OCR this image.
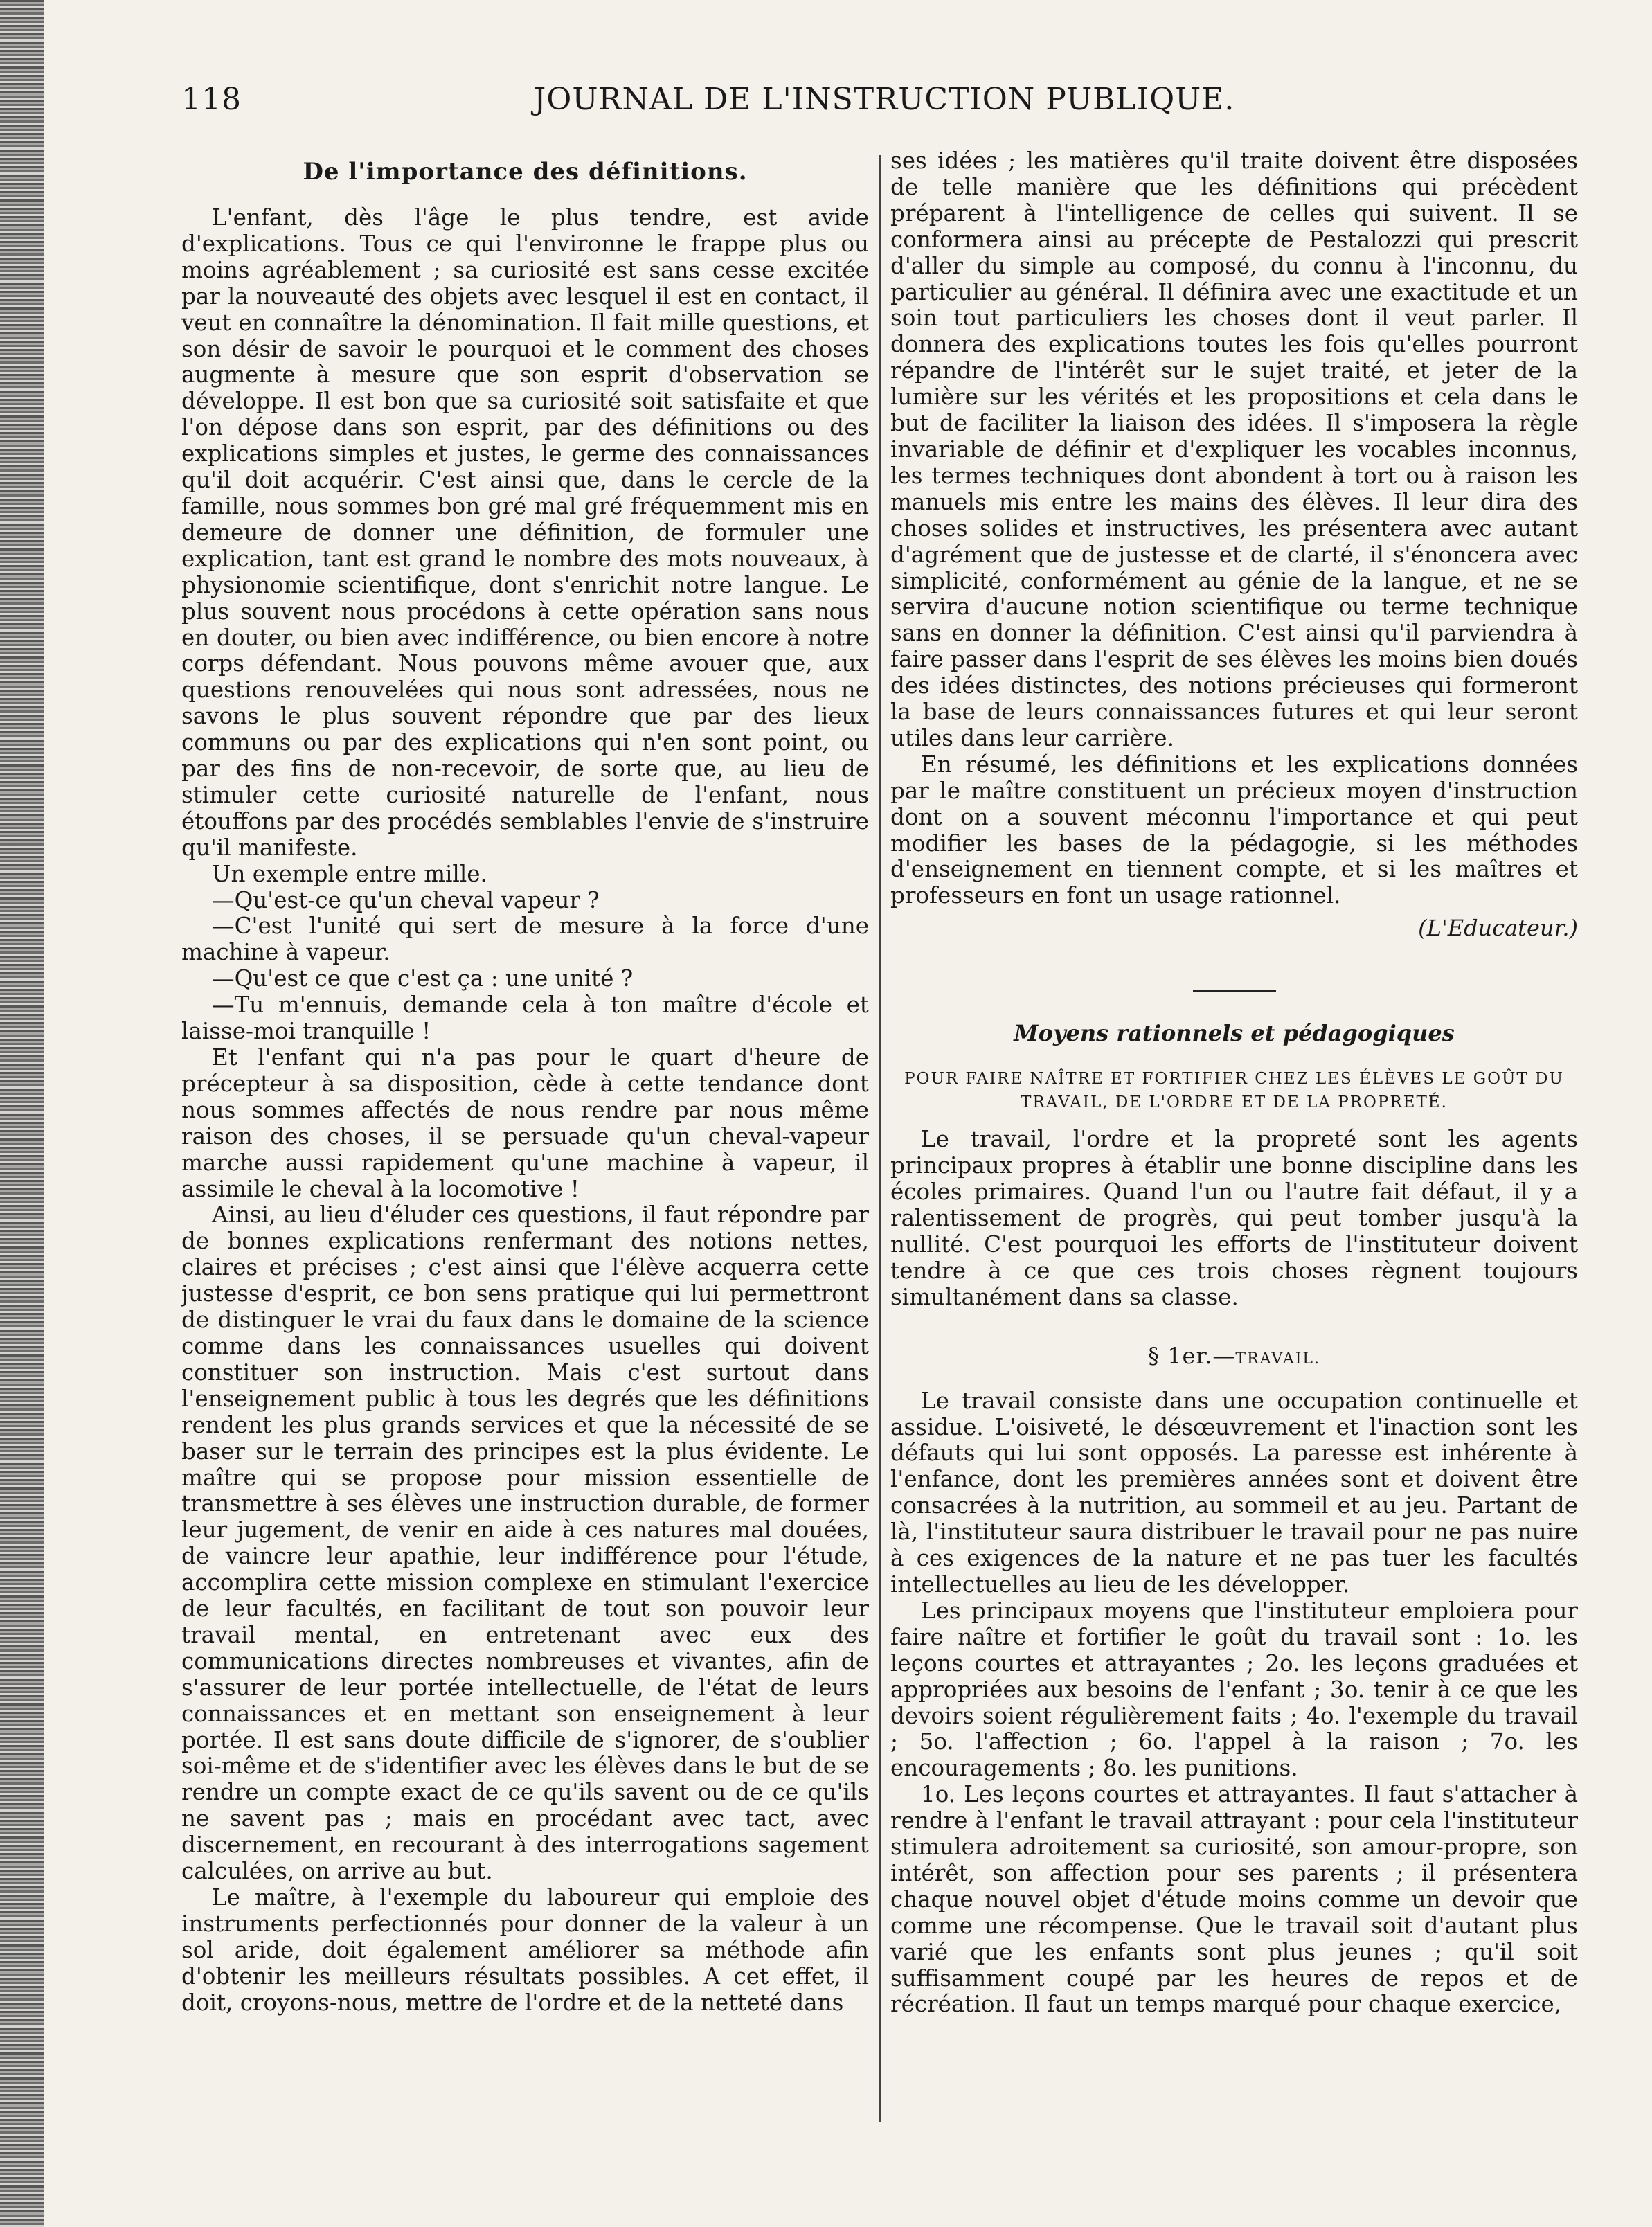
118	JOURNAL DE L'INSTRUCTION PUBLIQUE.
De l'importance des définitions.

L'enfant, dès l'âge le plus tendre, est avide d'explications. Tous ce qui l'environne le frappe plus ou moins agréablement ; sa curiosité est sans cesse excitée par la nouveauté des objets avec lesquel il est en contact, il veut en connaître la dénomination. Il fait mille questions, et son désir de savoir le pourquoi et le comment des choses augmente à mesure que son esprit d'observation se développe. Il est bon que sa curiosité soit satisfaite et que l'on dépose dans son esprit, par des définitions ou des explications simples et justes, le germe des connaissances qu'il doit acquérir. C'est ainsi que, dans le cercle de la famille, nous sommes bon gré mal gré fréquemment mis en demeure de donner une définition, de formuler une explication, tant est grand le nombre des mots nouveaux, à physionomie scientifique, dont s'enrichit notre langue. Le plus souvent nous procédons à cette opération sans nous en douter, ou bien avec indifférence, ou bien encore à notre corps défendant. Nous pouvons même avouer que, aux questions renouvelées qui nous sont adressées, nous ne savons le plus souvent répondre que par des lieux communs ou par des explications qui n'en sont point, ou par des fins de non-recevoir, de sorte que, au lieu de stimuler cette curiosité naturelle de l'enfant, nous étouffons par des procédés semblables l'envie de s'instruire qu'il manifeste.

Un exemple entre mille.

—Qu'est-ce qu'un cheval vapeur ?

—C'est l'unité qui sert de mesure à la force d'une machine à vapeur.

—Qu'est ce que c'est ça : une unité ?

—Tu m'ennuis, demande cela à ton maître d'école et laisse-moi tranquille !

Et l'enfant qui n'a pas pour le quart d'heure de précepteur à sa disposition, cède à cette tendance dont nous sommes affectés de nous rendre par nous même raison des choses, il se persuade qu'un cheval-vapeur marche aussi rapidement qu'une machine à vapeur, il assimile le cheval à la locomotive !

Ainsi, au lieu d'éluder ces questions, il faut répondre par de bonnes explications renfermant des notions nettes, claires et précises ; c'est ainsi que l'élève acquerra cette justesse d'esprit, ce bon sens pratique qui lui permettront de distinguer le vrai du faux dans le domaine de la science comme dans les connaissances usuelles qui doivent constituer son instruction. Mais c'est surtout dans l'enseignement public à tous les degrés que les définitions rendent les plus grands services et que la nécessité de se baser sur le terrain des principes est la plus évidente. Le maître qui se propose pour mission essentielle de transmettre à ses élèves une instruction durable, de former leur jugement, de venir en aide à ces natures mal douées, de vaincre leur apathie, leur indifférence pour l'étude, accomplira cette mission complexe en stimulant l'exercice de leur facultés, en facilitant de tout son pouvoir leur travail mental, en entretenant avec eux des communications directes nombreuses et vivantes, afin de s'assurer de leur portée intellectuelle, de l'état de leurs connaissances et en mettant son enseignement à leur portée. Il est sans doute difficile de s'ignorer, de s'oublier soi-même et de s'identifier avec les élèves dans le but de se rendre un compte exact de ce qu'ils savent ou de ce qu'ils ne savent pas ; mais en procédant avec tact, avec discernement, en recourant à des interrogations sagement calculées, on arrive au but.

Le maître, à l'exemple du laboureur qui emploie des instruments perfectionnés pour donner de la valeur à un sol aride, doit également améliorer sa méthode afin d'obtenir les meilleurs résultats possibles. A cet effet, il doit, croyons-nous, mettre de l'ordre et de la netteté dans

ses idées ; les matières qu'il traite doivent être disposées de telle manière que les définitions qui précèdent préparent à l'intelligence de celles qui suivent. Il se conformera ainsi au précepte de Pestalozzi qui prescrit d'aller du simple au composé, du connu à l'inconnu, du particulier au général. Il définira avec une exactitude et un soin tout particuliers les choses dont il veut parler. Il donnera des explications toutes les fois qu'elles pourront répandre de l'intérêt sur le sujet traité, et jeter de la lumière sur les vérités et les propositions et cela dans le but de faciliter la liaison des idées. Il s'imposera la règle invariable de définir et d'expliquer les vocables inconnus, les termes techniques dont abondent à tort ou à raison les manuels mis entre les mains des élèves. Il leur dira des choses solides et instructives, les présentera avec autant d'agrément que de justesse et de clarté, il s'énoncera avec simplicité, conformément au génie de la langue, et ne se servira d'aucune notion scientifique ou terme technique sans en donner la définition. C'est ainsi qu'il parviendra à faire passer dans l'esprit de ses élèves les moins bien doués des idées distinctes, des notions précieuses qui formeront la base de leurs connaissances futures et qui leur seront utiles dans leur carrière.

En résumé, les définitions et les explications données par le maître constituent un précieux moyen d'instruction dont on a souvent méconnu l'importance et qui peut modifier les bases de la pédagogie, si les méthodes d'enseignement en tiennent compte, et si les maîtres et professeurs en font un usage rationnel.

(L'Educateur.)
Moyens rationnels et pédagogiques
POUR FAIRE NAÎTRE ET FORTIFIER CHEZ LES ÉLÈVES LE GOÛT DU TRAVAIL, DE L'ORDRE ET DE LA PROPRETÉ.

Le travail, l'ordre et la propreté sont les agents principaux propres à établir une bonne discipline dans les écoles primaires. Quand l'un ou l'autre fait défaut, il y a ralentissement de progrès, qui peut tomber jusqu'à la nullité. C'est pourquoi les efforts de l'instituteur doivent tendre à ce que ces trois choses règnent toujours simultanément dans sa classe.

§ 1er.—TRAVAIL.

Le travail consiste dans une occupation continuelle et assidue. L'oisiveté, le désœuvrement et l'inaction sont les défauts qui lui sont opposés. La paresse est inhérente à l'enfance, dont les premières années sont et doivent être consacrées à la nutrition, au sommeil et au jeu. Partant de là, l'instituteur saura distribuer le travail pour ne pas nuire à ces exigences de la nature et ne pas tuer les facultés intellectuelles au lieu de les développer.

Les principaux moyens que l'instituteur emploiera pour faire naître et fortifier le goût du travail sont : 1o. les leçons courtes et attrayantes ; 2o. les leçons graduées et appropriées aux besoins de l'enfant ; 3o. tenir à ce que les devoirs soient régulièrement faits ; 4o. l'exemple du travail ; 5o. l'affection ; 6o. l'appel à la raison ; 7o. les encouragements ; 8o. les punitions.

1o. Les leçons courtes et attrayantes. Il faut s'attacher à rendre à l'enfant le travail attrayant : pour cela l'instituteur stimulera adroitement sa curiosité, son amour-propre, son intérêt, son affection pour ses parents ; il présentera chaque nouvel objet d'étude moins comme un devoir que comme une récompense. Que le travail soit d'autant plus varié que les enfants sont plus jeunes ; qu'il soit suffisamment coupé par les heures de repos et de récréation. Il faut un temps marqué pour chaque exercice,
